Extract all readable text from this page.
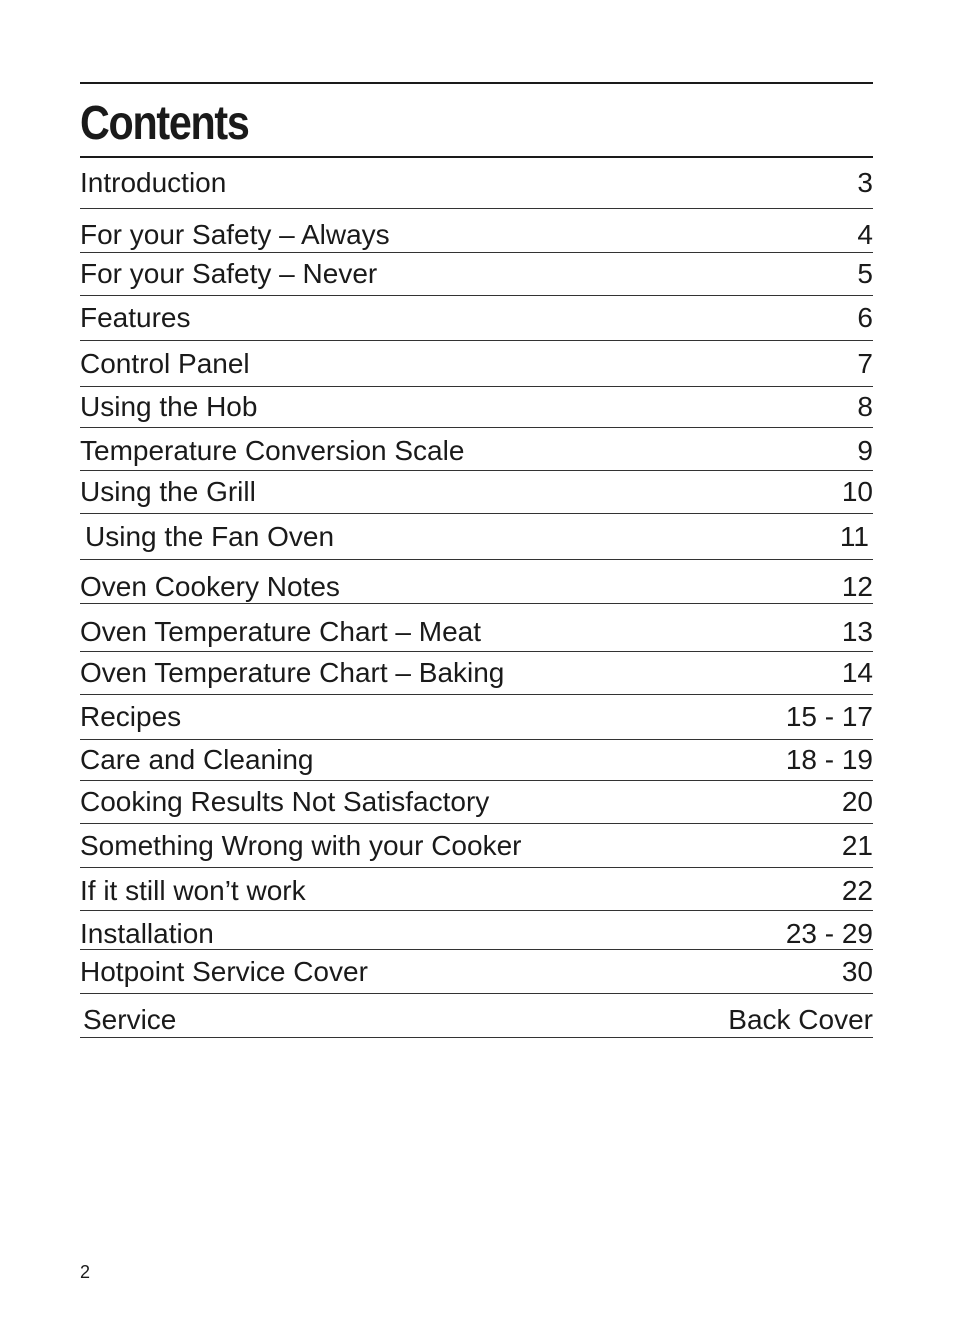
Contents
Introduction	3
For your Safety – Always	4
For your Safety – Never	5
Features	6
Control Panel	7
Using the Hob	8
Temperature Conversion Scale	9
Using the Grill	10
Using the Fan Oven	11
Oven Cookery Notes	12
Oven Temperature Chart – Meat	13
Oven Temperature Chart – Baking	14
Recipes	15 - 17
Care and Cleaning	18 - 19
Cooking Results Not Satisfactory	20
Something Wrong with your Cooker	21
If it still won’t work	22
Installation	23 - 29
Hotpoint Service Cover	30
Service	Back Cover
2
